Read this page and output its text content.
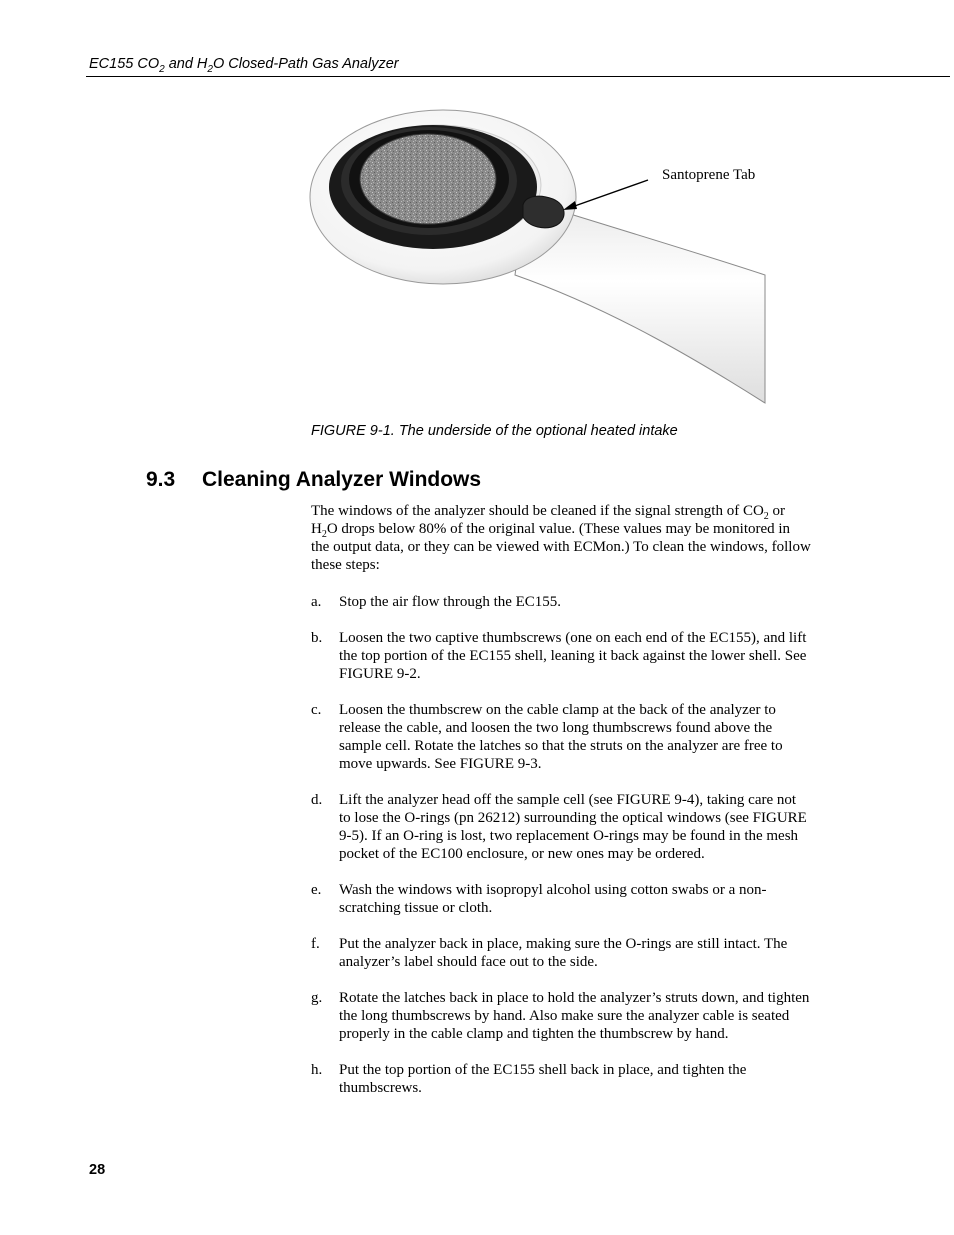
EC155 $CO_2$ and $H_2O$ Closed-Path Gas Analyzer
Santoprene Tab
FIGURE 9-1. The underside of the optional heated intake
9.3 Cleaning Analyzer Windows

The windows of the analyzer should be cleaned if the signal strength of $CO_2$ or $H_2O$ drops below 80% of the original value. (These values may be monitored in the output data, or they can be viewed with ECMon.) To clean the windows, follow these steps:

a.	Stop the air flow through the EC155.
b.	Loosen the two captive thumbscrews (one on each end of the EC155), and lift the top portion of the EC155 shell, leaning it back against the lower shell. See FIGURE 9-2.
c.	Loosen the thumbscrew on the cable clamp at the back of the analyzer to release the cable, and loosen the two long thumbscrews found above the sample cell. Rotate the latches so that the struts on the analyzer are free to move upwards. See FIGURE 9-3.
d.	Lift the analyzer head off the sample cell (see FIGURE 9-4), taking care not to lose the O-rings (pn 26212) surrounding the optical windows (see FIGURE 9-5). If an O-ring is lost, two replacement O-rings may be found in the mesh pocket of the EC100 enclosure, or new ones may be ordered.
e.	Wash the windows with isopropyl alcohol using cotton swabs or a non-scratching tissue or cloth.
f.	Put the analyzer back in place, making sure the O-rings are still intact. The analyzer’s label should face out to the side.
g.	Rotate the latches back in place to hold the analyzer’s struts down, and tighten the long thumbscrews by hand. Also make sure the analyzer cable is seated properly in the cable clamp and tighten the thumbscrew by hand.
h.	Put the top portion of the EC155 shell back in place, and tighten the thumbscrews.
28
